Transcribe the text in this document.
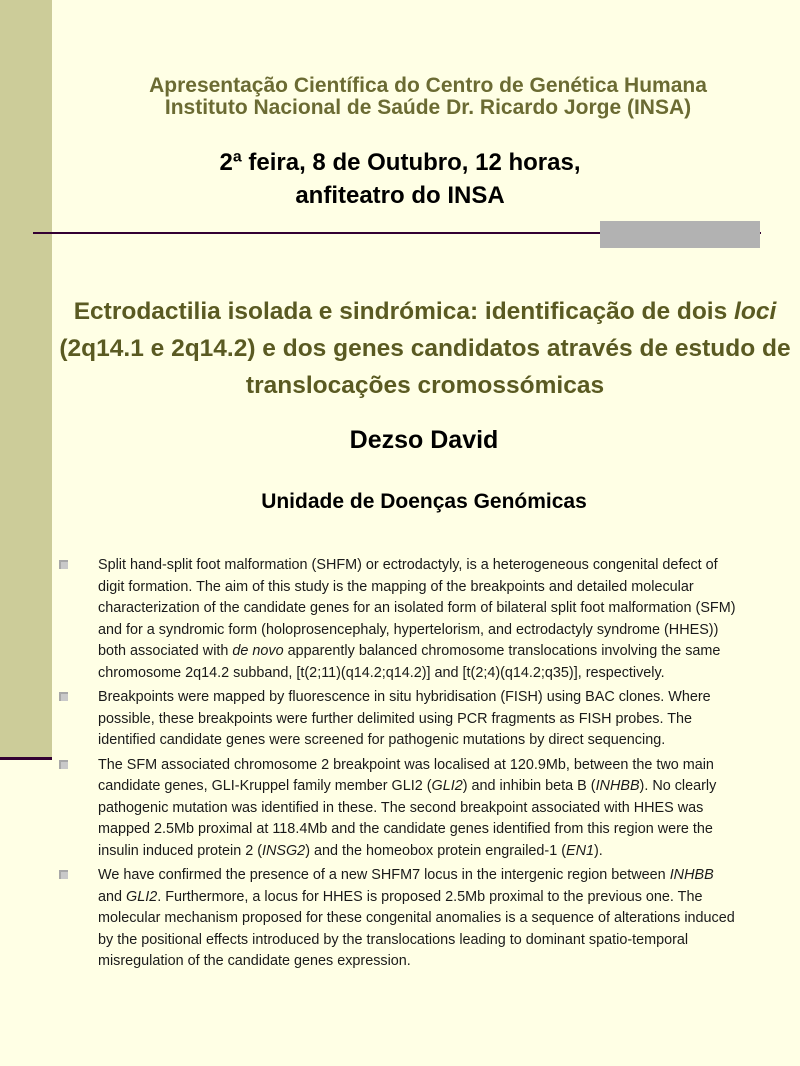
Apresentação Científica do Centro de Genética Humana
Instituto Nacional de Saúde Dr. Ricardo Jorge (INSA)
2ª feira, 8 de Outubro, 12 horas,
anfiteatro do INSA
Ectrodactilia isolada e sindrómica: identificação de dois loci (2q14.1 e 2q14.2) e dos genes candidatos através de estudo de translocações cromossómicas
Dezso David
Unidade de Doenças Genómicas
Split hand-split foot malformation (SHFM) or ectrodactyly, is a heterogeneous congenital defect of digit formation. The aim of this study is the mapping of the breakpoints and detailed molecular characterization of the candidate genes for an isolated form of bilateral split foot malformation (SFM) and for a syndromic form (holoprosencephaly, hypertelorism, and ectrodactyly syndrome (HHES)) both associated with de novo apparently balanced chromosome translocations involving the same chromosome 2q14.2 subband, [t(2;11)(q14.2;q14.2)] and [t(2;4)(q14.2;q35)], respectively.
Breakpoints were mapped by fluorescence in situ hybridisation (FISH) using BAC clones. Where possible, these breakpoints were further delimited using PCR fragments as FISH probes. The identified candidate genes were screened for pathogenic mutations by direct sequencing.
The SFM associated chromosome 2 breakpoint was localised at 120.9Mb, between the two main candidate genes, GLI-Kruppel family member GLI2 (GLI2) and inhibin beta B (INHBB). No clearly pathogenic mutation was identified in these. The second breakpoint associated with HHES was mapped 2.5Mb proximal at 118.4Mb and the candidate genes identified from this region were the insulin induced protein 2 (INSG2) and the homeobox protein engrailed-1 (EN1).
We have confirmed the presence of a new SHFM7 locus in the intergenic region between INHBB and GLI2. Furthermore, a locus for HHES is proposed 2.5Mb proximal to the previous one. The molecular mechanism proposed for these congenital anomalies is a sequence of alterations induced by the positional effects introduced by the translocations leading to dominant spatio-temporal misregulation of the candidate genes expression.
